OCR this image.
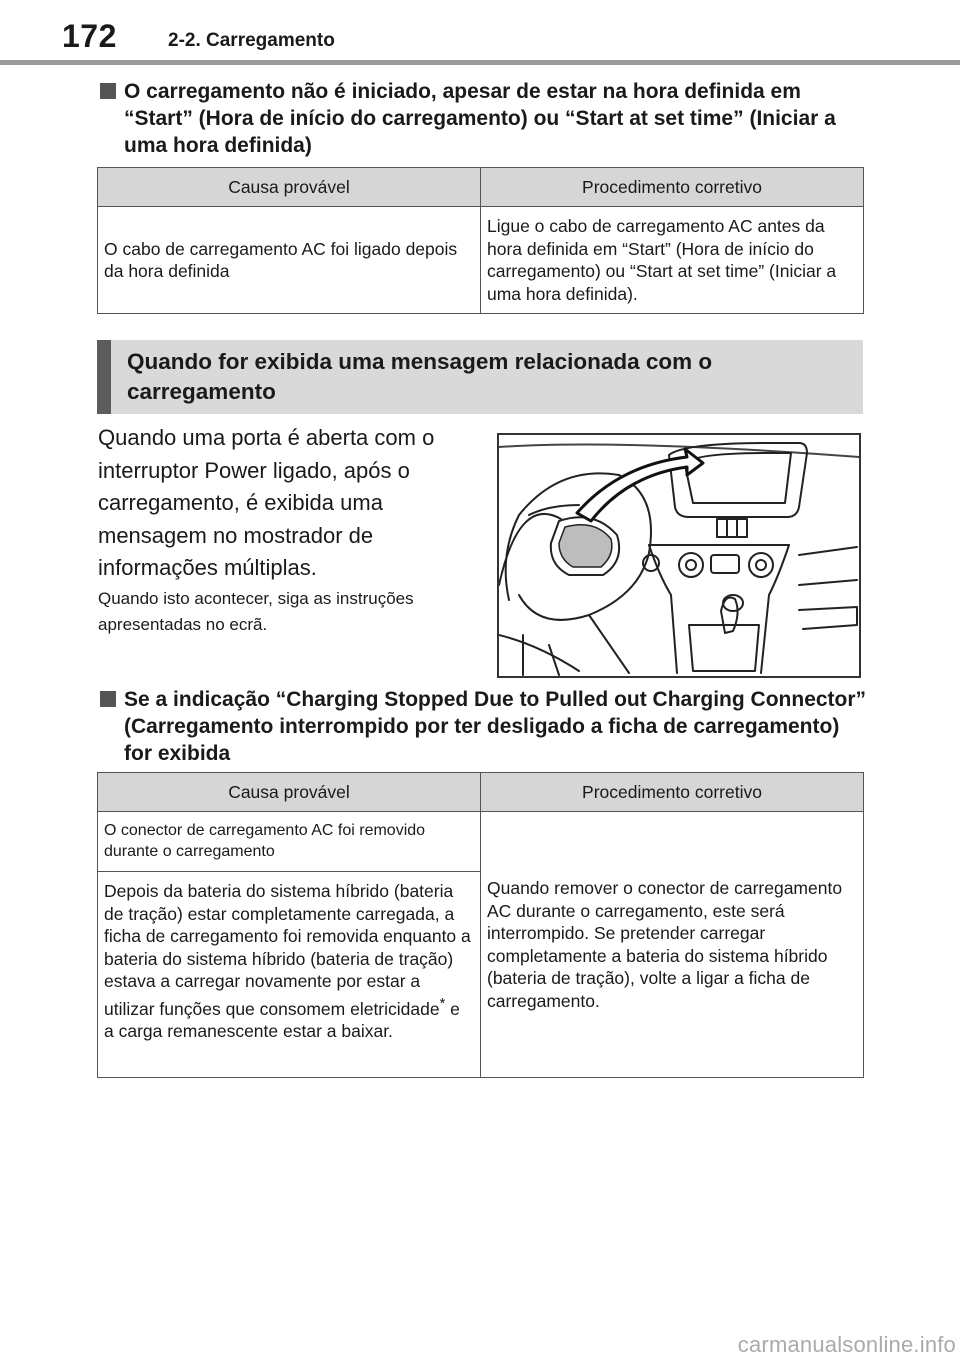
172	2-2. Carregamento
O carregamento não é iniciado, apesar de estar na hora definida em “Start” (Hora de início do carregamento) ou “Start at set time” (Iniciar a uma hora definida)
Causa provável	Procedimento corretivo
O cabo de carregamento AC foi ligado depois da hora definida	Ligue o cabo de carregamento AC antes da hora definida em “Start” (Hora de início do carregamento) ou “Start at set time” (Iniciar a uma hora definida).
Quando for exibida uma mensagem relacionada com o carregamento
Quando uma porta é aberta com o interruptor Power ligado, após o carregamento, é exibida uma mensagem no mostrador de informações múltiplas.
Quando isto acontecer, siga as instruções apresentadas no ecrã.
Se a indicação “Charging Stopped Due to Pulled out Charging Connector” (Carregamento interrompido por ter desligado a ficha de carregamento) for exibida
Causa provável	Procedimento corretivo
O conector de carregamento AC foi removido durante o carregamento	Quando remover o conector de carregamento AC durante o carregamento, este será interrompido. Se pretender carregar completamente a bateria do sistema híbrido (bateria de tração), volte a ligar a ficha de carregamento.
Depois da bateria do sistema híbrido (bateria de tração) estar completamente carregada, a ficha de carregamento foi removida enquanto a bateria do sistema híbrido (bateria de tração) estava a carregar novamente por estar a utilizar funções que consomem eletricidade* e a carga remanescente estar a baixar.	
carmanualsonline.info
